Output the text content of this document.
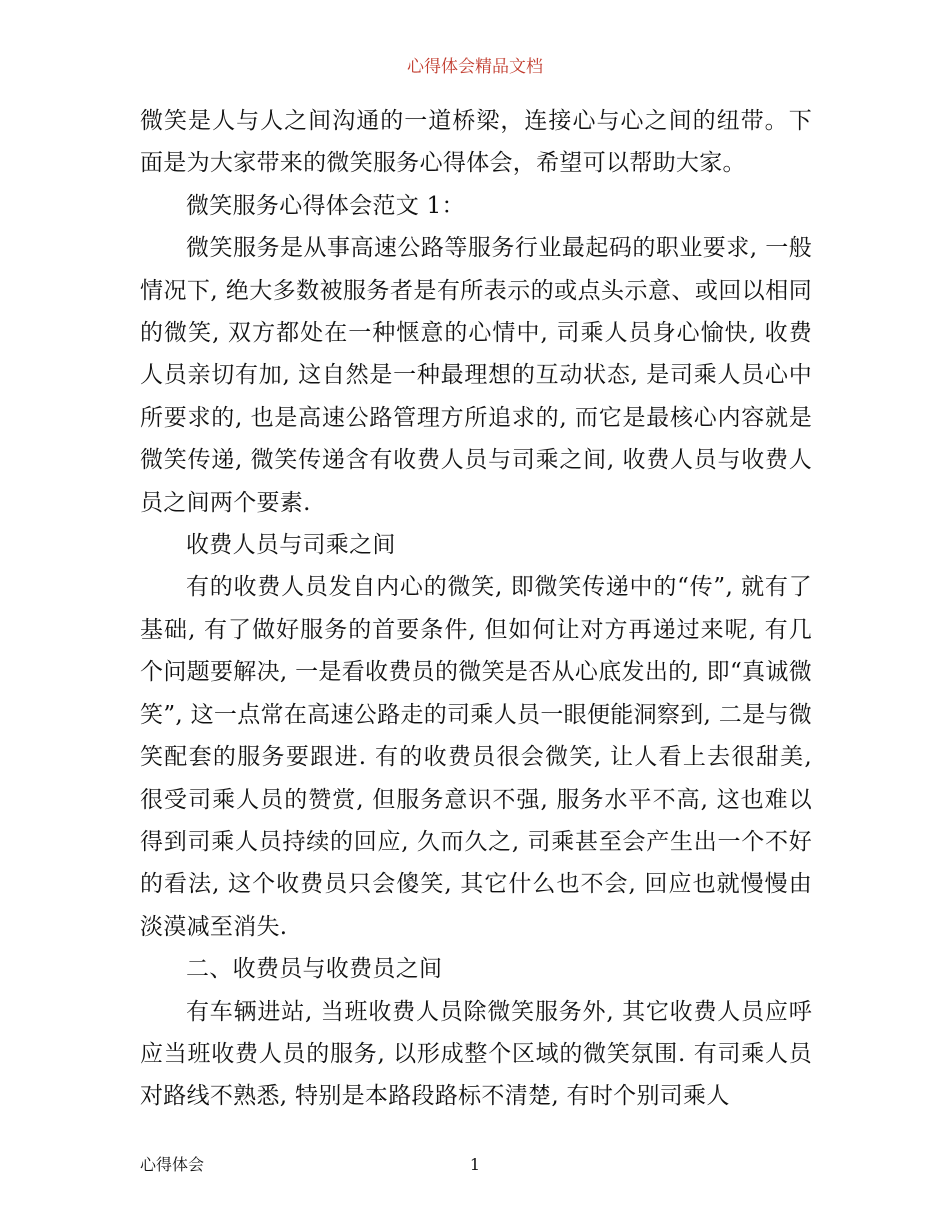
心得体会精品文档

微笑是人与人之间沟通的一道桥梁，连接心与心之间的纽带。下面是为大家带来的微笑服务心得体会，希望可以帮助大家。

微笑服务心得体会范文 1：

微笑服务是从事高速公路等服务行业最起码的职业要求, 一般情况下, 绝大多数被服务者是有所表示的或点头示意、或回以相同的微笑, 双方都处在一种惬意的心情中, 司乘人员身心愉快, 收费人员亲切有加, 这自然是一种最理想的互动状态, 是司乘人员心中所要求的, 也是高速公路管理方所追求的, 而它是最核心内容就是微笑传递, 微笑传递含有收费人员与司乘之间, 收费人员与收费人员之间两个要素.

收费人员与司乘之间

有的收费人员发自内心的微笑, 即微笑传递中的“传”, 就有了基础, 有了做好服务的首要条件, 但如何让对方再递过来呢, 有几个问题要解决, 一是看收费员的微笑是否从心底发出的, 即“真诚微笑”, 这一点常在高速公路走的司乘人员一眼便能洞察到, 二是与微笑配套的服务要跟进. 有的收费员很会微笑, 让人看上去很甜美, 很受司乘人员的赞赏, 但服务意识不强, 服务水平不高, 这也难以得到司乘人员持续的回应, 久而久之, 司乘甚至会产生出一个不好的看法, 这个收费员只会傻笑, 其它什么也不会, 回应也就慢慢由淡漠减至消失.

二、收费员与收费员之间

有车辆进站, 当班收费人员除微笑服务外, 其它收费人员应呼应当班收费人员的服务, 以形成整个区域的微笑氛围. 有司乘人员对路线不熟悉, 特别是本路段路标不清楚, 有时个别司乘人

心得体会	1
